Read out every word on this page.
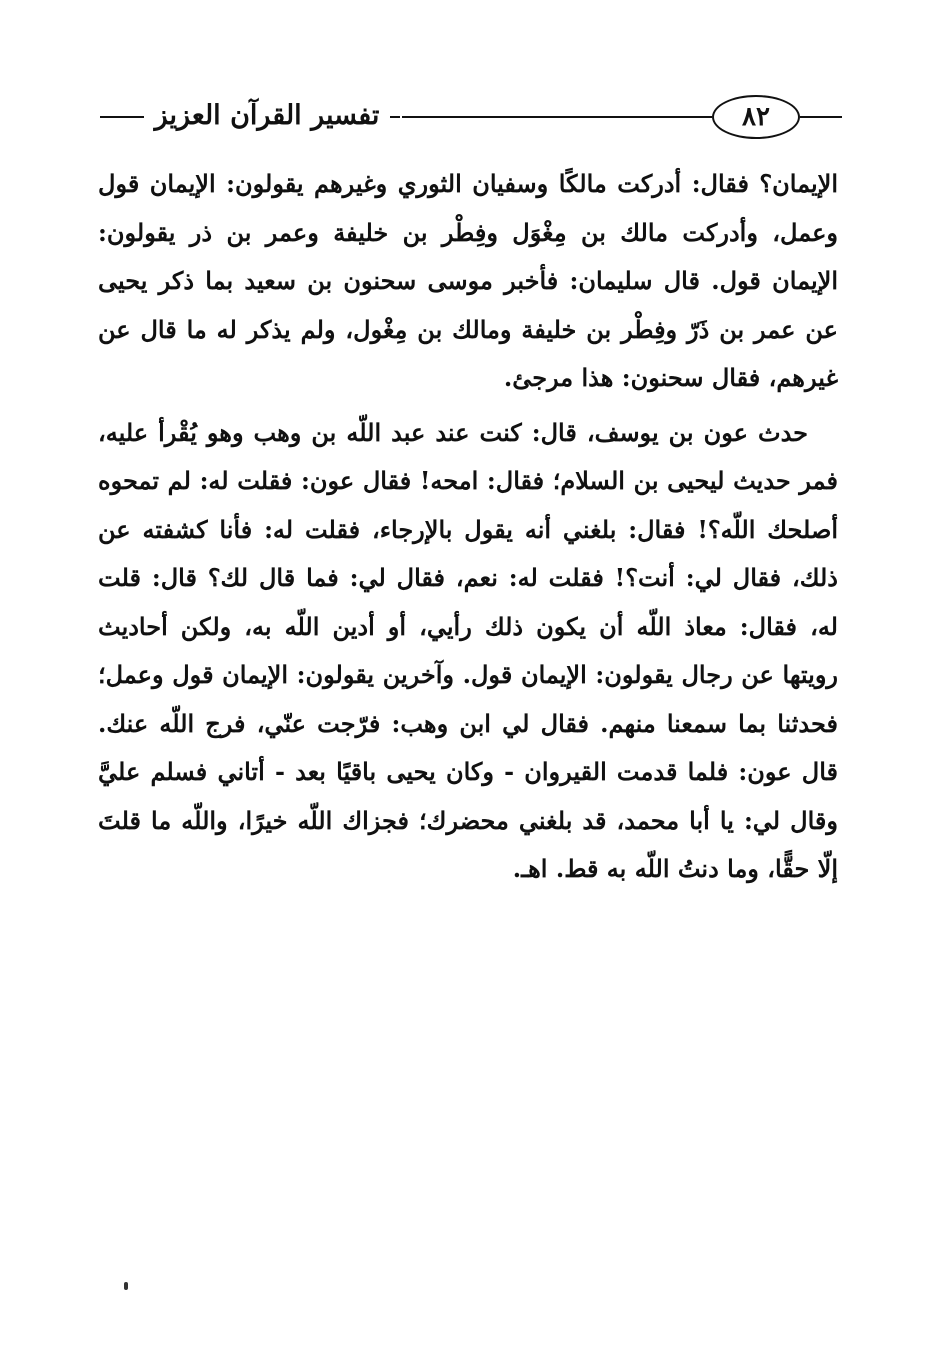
تفسير القرآن العزيز	٨٢

الإيمان؟ فقال: أدركت مالكًا وسفيان الثوري وغيرهم يقولون: الإيمان قول وعمل، وأدركت مالك بن مِغْوَل وفِطْر بن خليفة وعمر بن ذر يقولون: الإيمان قول. قال سليمان: فأخبر موسى سحنون بن سعيد بما ذكر يحيى عن عمر بن ذَرّ وفِطْر بن خليفة ومالك بن مِغْول، ولم يذكر له ما قال عن غيرهم، فقال سحنون: هذا مرجئ.

حدث عون بن يوسف، قال: كنت عند عبد اللّه بن وهب وهو يُقْرأ عليه، فمر حديث ليحيى بن السلام؛ فقال: امحه! فقال عون: فقلت له: لم تمحوه أصلحك اللّه؟! فقال: بلغني أنه يقول بالإرجاء، فقلت له: فأنا كشفته عن ذلك، فقال لي: أنت؟! فقلت له: نعم، فقال لي: فما قال لك؟ قال: قلت له، فقال: معاذ اللّه أن يكون ذلك رأيي، أو أدين اللّه به، ولكن أحاديث رويتها عن رجال يقولون: الإيمان قول. وآخرين يقولون: الإيمان قول وعمل؛ فحدثنا بما سمعنا منهم. فقال لي ابن وهب: فرّجت عنّي، فرج اللّه عنك. قال عون: فلما قدمت القيروان - وكان يحيى باقيًا بعد - أتاني فسلم عليَّ وقال لي: يا أبا محمد، قد بلغني محضرك؛ فجزاك اللّه خيرًا، واللّه ما قلتَ إلّا حقًّا، وما دنتُ اللّه به قط. اهـ.
